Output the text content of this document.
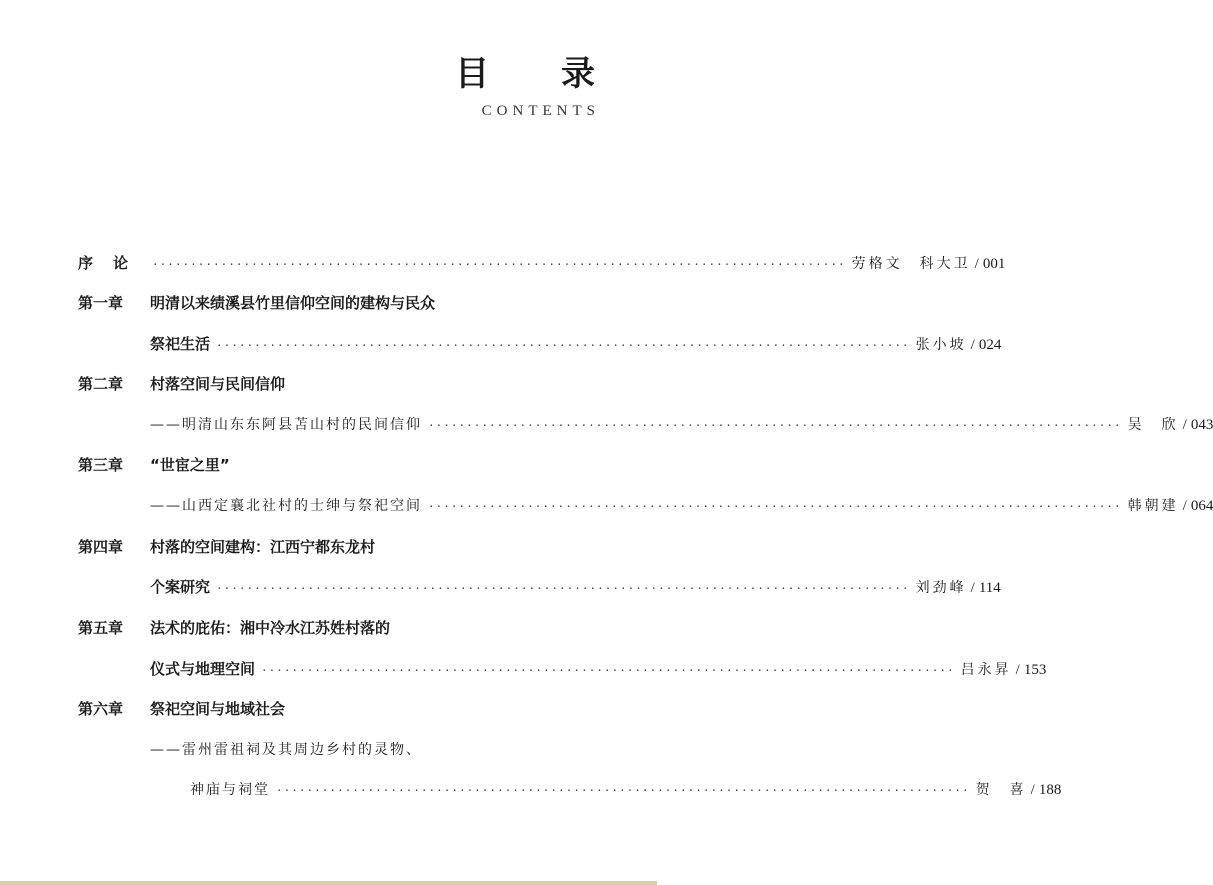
目 录
CONTENTS
序论 ··························································································· 劳格文　科大卫 / 001
第一章	明清以来绩溪县竹里信仰空间的建构与民众
祭祀生活 ··························································································· 张小坡 / 024
第二章	村落空间与民间信仰
——明清山东东阿县苫山村的民间信仰 ··························································································· 吴　欣 / 043
第三章	“世宦之里”
——山西定襄北社村的士绅与祭祀空间 ··························································································· 韩朝建 / 064
第四章	村落的空间建构：江西宁都东龙村
个案研究 ··························································································· 刘劲峰 / 114
第五章	法术的庇佑：湘中冷水江苏姓村落的
仪式与地理空间 ··························································································· 吕永昇 / 153
第六章	祭祀空间与地域社会
——雷州雷祖祠及其周边乡村的灵物、
神庙与祠堂 ··························································································· 贺　喜 / 188
